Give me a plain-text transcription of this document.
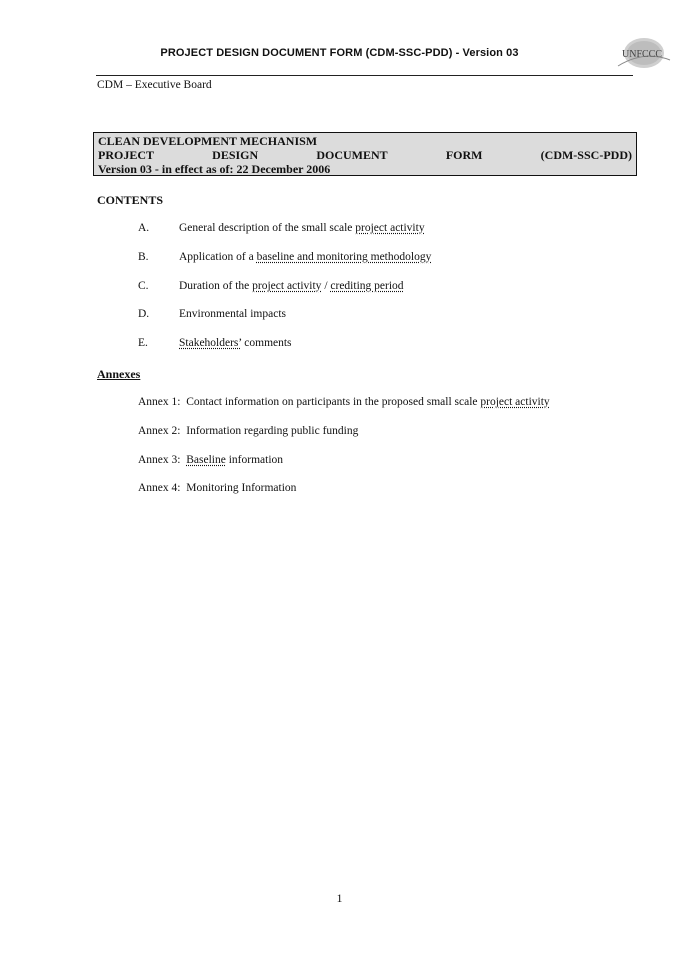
PROJECT DESIGN DOCUMENT FORM (CDM-SSC-PDD) - Version 03	UNFCCC
CDM – Executive Board
CLEAN DEVELOPMENT MECHANISM
PROJECT	DESIGN	DOCUMENT	FORM	(CDM-SSC-PDD)
Version 03 - in effect as of: 22 December 2006
CONTENTS
A.	General description of the small scale project activity
B.	Application of a baseline and monitoring methodology
C.	Duration of the project activity / crediting period
D.	Environmental impacts
E.	Stakeholders’ comments
Annexes
Annex 1: Contact information on participants in the proposed small scale project activity
Annex 2: Information regarding public funding
Annex 3: Baseline information
Annex 4: Monitoring Information
1
